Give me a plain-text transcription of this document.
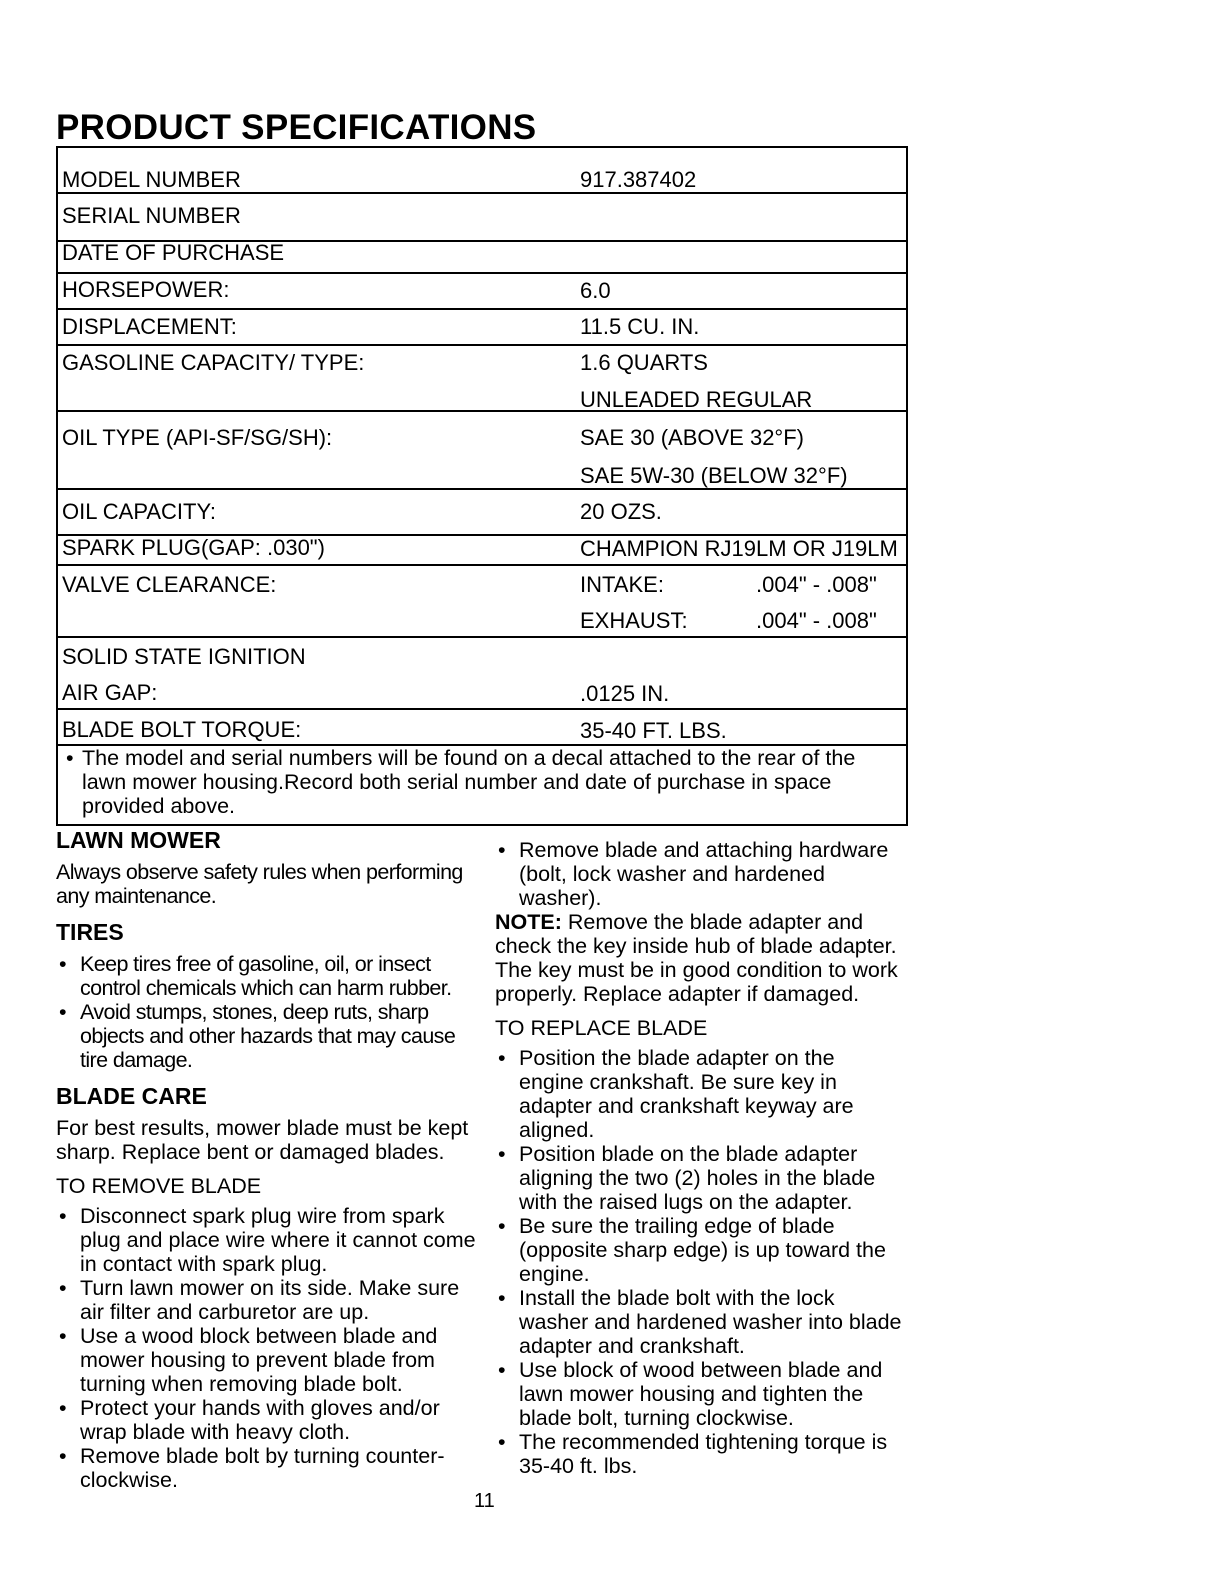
PRODUCT SPECIFICATIONS
MODEL NUMBER	917.387402
SERIAL NUMBER
DATE OF PURCHASE
HORSEPOWER:	6.0
DISPLACEMENT:	11.5 CU. IN.
GASOLINE CAPACITY/ TYPE:	1.6 QUARTS
UNLEADED REGULAR
OIL TYPE (API-SF/SG/SH):	SAE 30 (ABOVE 32°F)
SAE 5W-30 (BELOW 32°F)
OIL CAPACITY:	20 OZS.
SPARK PLUG(GAP: .030")	CHAMPION RJ19LM OR J19LM
VALVE CLEARANCE:	INTAKE:	.004" - .008"
EXHAUST:	.004" - .008"
SOLID STATE IGNITION
AIR GAP:	.0125 IN.
BLADE BOLT TORQUE:	35-40 FT. LBS.
• The model and serial numbers will be found on a decal attached to the rear of the lawn mower housing.Record both serial number and date of purchase in space provided above.
LAWN MOWER

Always observe safety rules when performing any maintenance.

TIRES
• Keep tires free of gasoline, oil, or insect control chemicals which can harm rubber.
• Avoid stumps, stones, deep ruts, sharp objects and other hazards that may cause tire damage.
BLADE CARE

For best results, mower blade must be kept sharp. Replace bent or damaged blades.

TO REMOVE BLADE

• Disconnect spark plug wire from spark plug and place wire where it cannot come in contact with spark plug.
• Turn lawn mower on its side. Make sure air filter and carburetor are up.
• Use a wood block between blade and mower housing to prevent blade from turning when removing blade bolt.
• Protect your hands with gloves and/or wrap blade with heavy cloth.
• Remove blade bolt by turning counter-clockwise.
• Remove blade and attaching hardware (bolt, lock washer and hardened washer).

NOTE: Remove the blade adapter and check the key inside hub of blade adapter. The key must be in good condition to work properly. Replace adapter if damaged.

TO REPLACE BLADE

• Position the blade adapter on the engine crankshaft. Be sure key in adapter and crankshaft keyway are aligned.
• Position blade on the blade adapter aligning the two (2) holes in the blade with the raised lugs on the adapter.
• Be sure the trailing edge of blade (opposite sharp edge) is up toward the engine.
• Install the blade bolt with the lock washer and hardened washer into blade adapter and crankshaft.
• Use block of wood between blade and lawn mower housing and tighten the blade bolt, turning clockwise.
• The recommended tightening torque is 35-40 ft. lbs.
11
